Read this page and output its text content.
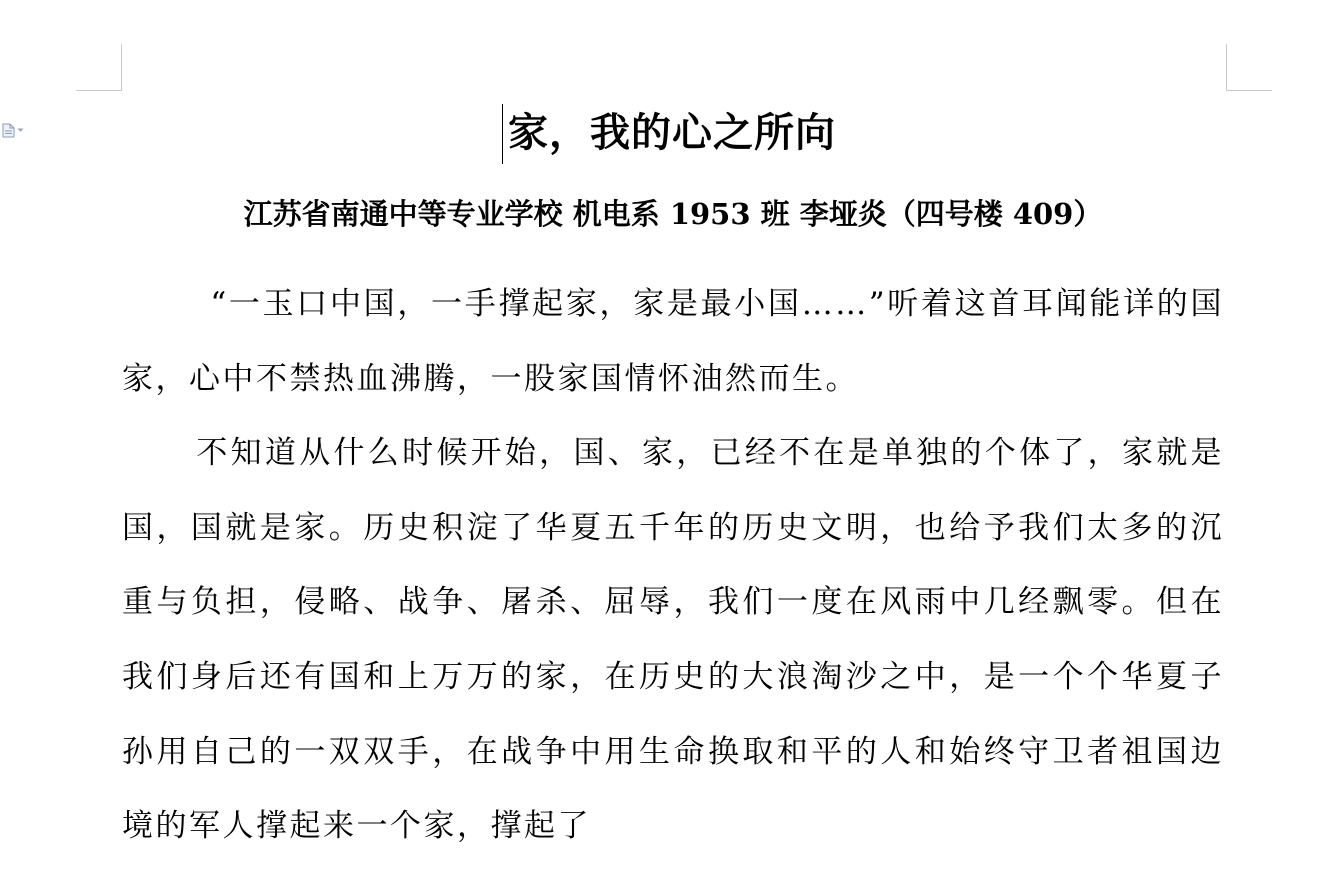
家，我的心之所向
江苏省南通中等专业学校 机电系 1953 班 李垭炎（四号楼 409）

“一玉口中国，一手撑起家，家是最小国……”听着这首耳闻能详的国家，心中不禁热血沸腾，一股家国情怀油然而生。

不知道从什么时候开始，国、家，已经不在是单独的个体了，家就是国，国就是家。历史积淀了华夏五千年的历史文明，也给予我们太多的沉重与负担，侵略、战争、屠杀、屈辱，我们一度在风雨中几经飘零。但在我们身后还有国和上万万的家，在历史的大浪淘沙之中，是一个个华夏子孙用自己的一双双手，在战争中用生命换取和平的人和始终守卫者祖国边境的军人撑起来一个家，撑起了
